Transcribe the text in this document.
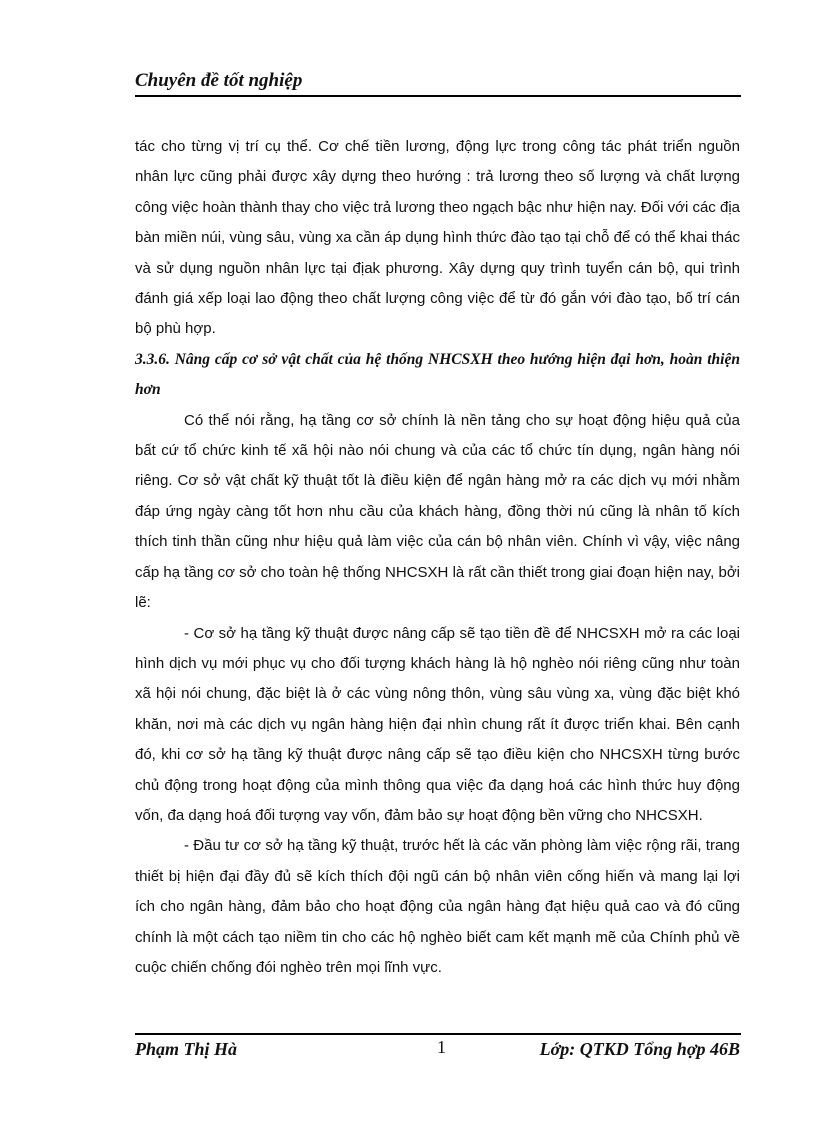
Chuyên đề tốt nghiệp

tác cho từng vị trí cụ thể. Cơ chế tiền lương, động lực trong công tác phát triển nguồn nhân lực cũng phải được xây dựng theo hướng : trả lương theo số lượng và chất lượng công việc hoàn thành thay cho việc trả lương theo ngạch bậc như hiện nay. Đối với các địa bàn miền núi, vùng sâu, vùng xa cần áp dụng hình thức đào tạo tại chỗ để có thể khai thác và sử dụng nguồn nhân lực tại địak phương. Xây dựng quy trình tuyển cán bộ, qui trình đánh giá xếp loại lao động theo chất lượng công việc để từ đó gắn với đào tạo, bố trí cán bộ phù hợp.

3.3.6. Nâng cấp cơ sở vật chất của hệ thống NHCSXH theo hướng hiện đại hơn, hoàn thiện hơn

Có thể nói rằng, hạ tầng cơ sở chính là nền tảng cho sự hoạt động hiệu quả của bất cứ tổ chức kinh tế xã hội nào nói chung và của các tổ chức tín dụng, ngân hàng nói riêng. Cơ sở vật chất kỹ thuật tốt là điều kiện để ngân hàng mở ra các dịch vụ mới nhằm đáp ứng ngày càng tốt hơn nhu cầu của khách hàng, đồng thời nú cũng là nhân tố kích thích tinh thần cũng như hiệu quả làm việc của cán bộ nhân viên. Chính vì vậy, việc nâng cấp hạ tầng cơ sở cho toàn hệ thống NHCSXH là rất cần thiết trong giai đoạn hiện nay, bởi lẽ:

- Cơ sở hạ tầng kỹ thuật được nâng cấp sẽ tạo tiền đề để NHCSXH mở ra các loại hình dịch vụ mới phục vụ cho đối tượng khách hàng là hộ nghèo nói riêng cũng như toàn xã hội nói chung, đặc biệt là ở các vùng nông thôn, vùng sâu vùng xa, vùng đặc biệt khó khăn, nơi mà các dịch vụ ngân hàng hiện đại nhìn chung rất ít được triển khai. Bên cạnh đó, khi cơ sở hạ tầng kỹ thuật được nâng cấp sẽ tạo điều kiện cho NHCSXH từng bước chủ động trong hoạt động của mình thông qua việc đa dạng hoá các hình thức huy động vốn, đa dạng hoá đối tượng vay vốn, đảm bảo sự hoạt động bền vững cho NHCSXH.

- Đầu tư cơ sở hạ tầng kỹ thuật, trước hết là các văn phòng làm việc rộng rãi, trang thiết bị hiện đại đầy đủ sẽ kích thích đội ngũ cán bộ nhân viên cống hiến và mang lại lợi ích cho ngân hàng, đảm bảo cho hoạt động của ngân hàng đạt hiệu quả cao và đó cũng chính là một cách tạo niềm tin cho các hộ nghèo biết cam kết mạnh mẽ của Chính phủ về cuộc chiến chống đói nghèo trên mọi lĩnh vực.

Phạm Thị Hà	1	Lớp: QTKD Tổng hợp 46B
